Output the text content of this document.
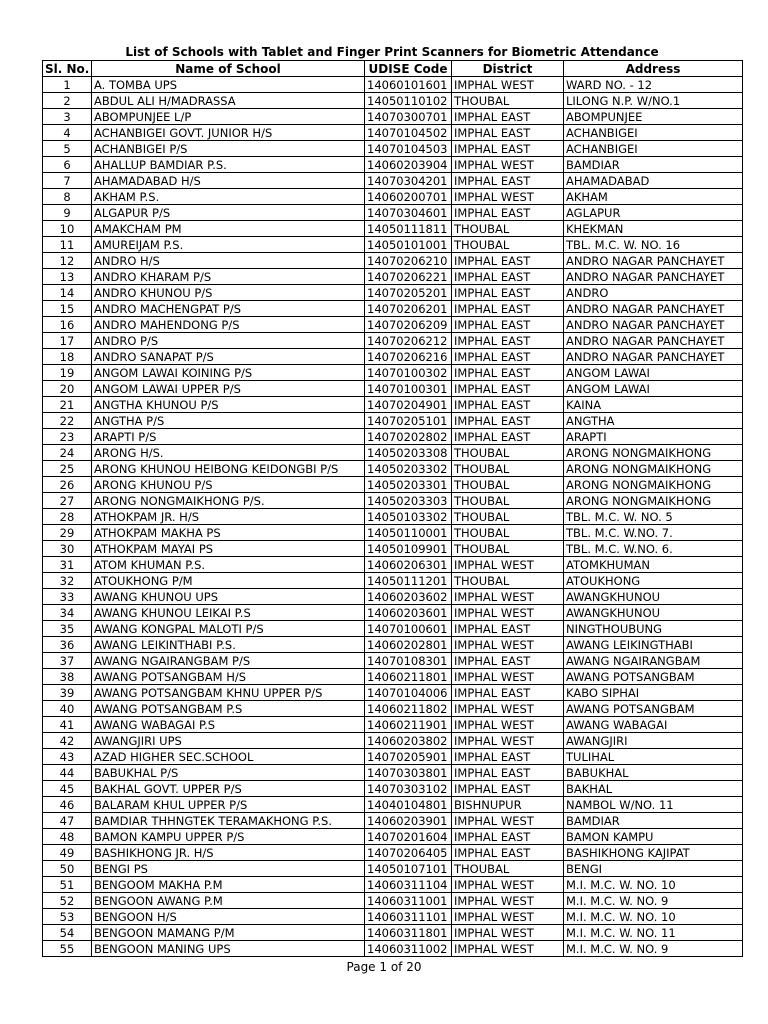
List of Schools with Tablet and Finger Print Scanners for Biometric Attendance
Sl. No.	Name of School	UDISE Code	District	Address
1	A. TOMBA UPS	14060101601	IMPHAL WEST	WARD NO. - 12
2	ABDUL ALI H/MADRASSA	14050110102	THOUBAL	LILONG N.P. W/NO.1
3	ABOMPUNJEE L/P	14070300701	IMPHAL EAST	ABOMPUNJEE
4	ACHANBIGEI GOVT. JUNIOR H/S	14070104502	IMPHAL EAST	ACHANBIGEI
5	ACHANBIGEI P/S	14070104503	IMPHAL EAST	ACHANBIGEI
6	AHALLUP BAMDIAR P.S.	14060203904	IMPHAL WEST	BAMDIAR
7	AHAMADABAD H/S	14070304201	IMPHAL EAST	AHAMADABAD
8	AKHAM P.S.	14060200701	IMPHAL WEST	AKHAM
9	ALGAPUR P/S	14070304601	IMPHAL EAST	AGLAPUR
10	AMAKCHAM PM	14050111811	THOUBAL	KHEKMAN
11	AMUREIJAM P.S.	14050101001	THOUBAL	TBL. M.C. W. NO. 16
12	ANDRO H/S	14070206210	IMPHAL EAST	ANDRO NAGAR PANCHAYET
13	ANDRO KHARAM P/S	14070206221	IMPHAL EAST	ANDRO NAGAR PANCHAYET
14	ANDRO KHUNOU P/S	14070205201	IMPHAL EAST	ANDRO
15	ANDRO MACHENGPAT P/S	14070206201	IMPHAL EAST	ANDRO NAGAR PANCHAYET
16	ANDRO MAHENDONG P/S	14070206209	IMPHAL EAST	ANDRO NAGAR PANCHAYET
17	ANDRO P/S	14070206212	IMPHAL EAST	ANDRO NAGAR PANCHAYET
18	ANDRO SANAPAT P/S	14070206216	IMPHAL EAST	ANDRO NAGAR PANCHAYET
19	ANGOM LAWAI KOINING P/S	14070100302	IMPHAL EAST	ANGOM LAWAI
20	ANGOM LAWAI UPPER P/S	14070100301	IMPHAL EAST	ANGOM LAWAI
21	ANGTHA KHUNOU P/S	14070204901	IMPHAL EAST	KAINA
22	ANGTHA P/S	14070205101	IMPHAL EAST	ANGTHA
23	ARAPTI P/S	14070202802	IMPHAL EAST	ARAPTI
24	ARONG H/S.	14050203308	THOUBAL	ARONG NONGMAIKHONG
25	ARONG KHUNOU HEIBONG KEIDONGBI P/S	14050203302	THOUBAL	ARONG NONGMAIKHONG
26	ARONG KHUNOU P/S	14050203301	THOUBAL	ARONG NONGMAIKHONG
27	ARONG NONGMAIKHONG P/S.	14050203303	THOUBAL	ARONG NONGMAIKHONG
28	ATHOKPAM JR. H/S	14050103302	THOUBAL	TBL. M.C. W. NO. 5
29	ATHOKPAM MAKHA PS	14050110001	THOUBAL	TBL. M.C. W.NO. 7.
30	ATHOKPAM MAYAI PS	14050109901	THOUBAL	TBL. M.C. W.NO. 6.
31	ATOM KHUMAN P.S.	14060206301	IMPHAL WEST	ATOMKHUMAN
32	ATOUKHONG P/M	14050111201	THOUBAL	ATOUKHONG
33	AWANG KHUNOU UPS	14060203602	IMPHAL WEST	AWANGKHUNOU
34	AWANG KHUNOU LEIKAI P.S	14060203601	IMPHAL WEST	AWANGKHUNOU
35	AWANG KONGPAL MALOTI P/S	14070100601	IMPHAL EAST	NINGTHOUBUNG
36	AWANG LEIKINTHABI P.S.	14060202801	IMPHAL WEST	AWANG LEIKINGTHABI
37	AWANG NGAIRANGBAM P/S	14070108301	IMPHAL EAST	AWANG NGAIRANGBAM
38	AWANG POTSANGBAM H/S	14060211801	IMPHAL WEST	AWANG POTSANGBAM
39	AWANG POTSANGBAM KHNU UPPER P/S	14070104006	IMPHAL EAST	KABO SIPHAI
40	AWANG POTSANGBAM P.S	14060211802	IMPHAL WEST	AWANG POTSANGBAM
41	AWANG WABAGAI P.S	14060211901	IMPHAL WEST	AWANG WABAGAI
42	AWANGJIRI UPS	14060203802	IMPHAL WEST	AWANGJIRI
43	AZAD HIGHER SEC.SCHOOL	14070205901	IMPHAL EAST	TULIHAL
44	BABUKHAL P/S	14070303801	IMPHAL EAST	BABUKHAL
45	BAKHAL GOVT. UPPER P/S	14070303102	IMPHAL EAST	BAKHAL
46	BALARAM KHUL UPPER P/S	14040104801	BISHNUPUR	NAMBOL W/NO. 11
47	BAMDIAR THHNGTEK TERAMAKHONG P.S.	14060203901	IMPHAL WEST	BAMDIAR
48	BAMON KAMPU UPPER P/S	14070201604	IMPHAL EAST	BAMON KAMPU
49	BASHIKHONG JR. H/S	14070206405	IMPHAL EAST	BASHIKHONG KAJIPAT
50	BENGI PS	14050107101	THOUBAL	BENGI
51	BENGOOM MAKHA P.M	14060311104	IMPHAL WEST	M.I. M.C. W. NO. 10
52	BENGOON AWANG P.M	14060311001	IMPHAL WEST	M.I. M.C. W. NO. 9
53	BENGOON H/S	14060311101	IMPHAL WEST	M.I. M.C. W. NO. 10
54	BENGOON MAMANG P/M	14060311801	IMPHAL WEST	M.I. M.C. W. NO. 11
55	BENGOON MANING UPS	14060311002	IMPHAL WEST	M.I. M.C. W. NO. 9
Page 1 of 20
